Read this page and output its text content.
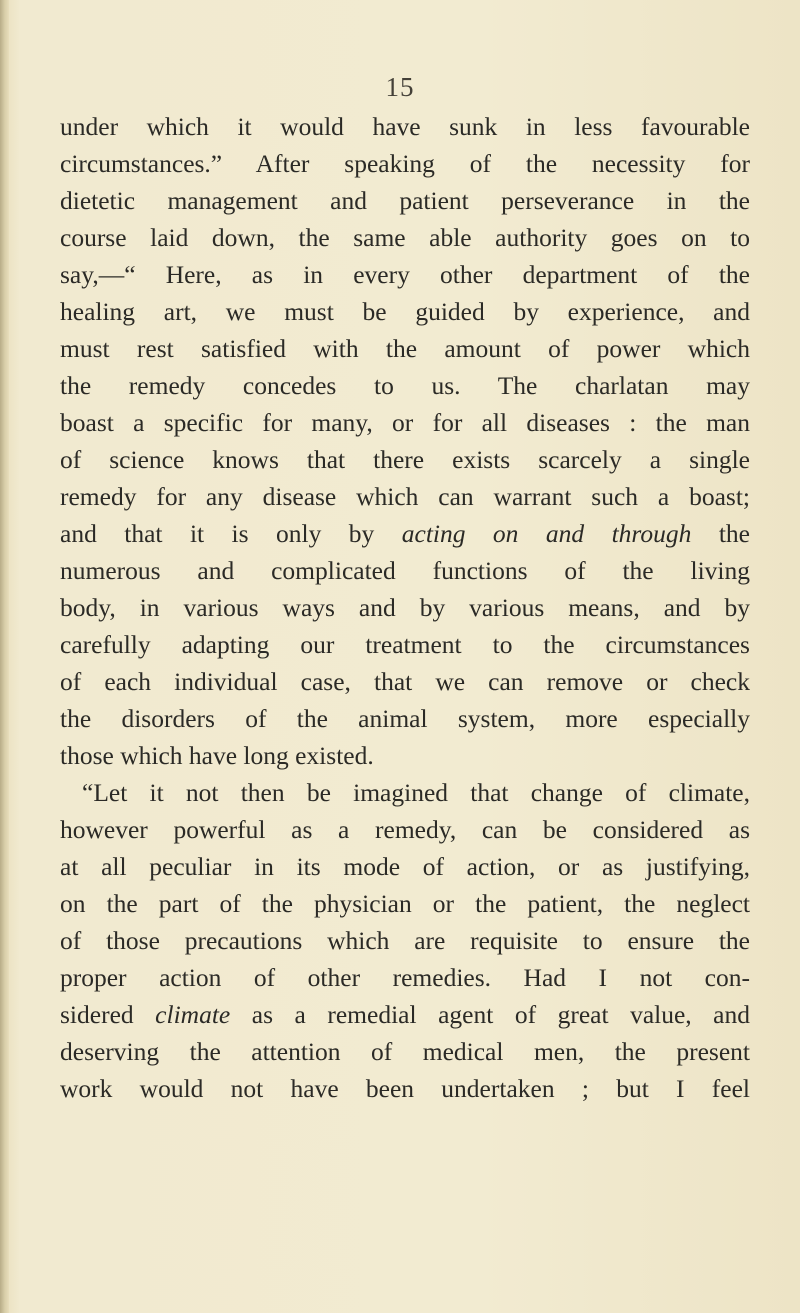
15
under which it would have sunk in less favourable
circumstances.” After speaking of the necessity for
dietetic management and patient perseverance in the
course laid down, the same able authority goes on to
say,—“ Here, as in every other department of the
healing art, we must be guided by experience, and
must rest satisfied with the amount of power which
the remedy concedes to us. The charlatan may
boast a specific for many, or for all diseases : the man
of science knows that there exists scarcely a single
remedy for any disease which can warrant such a boast;
and that it is only by acting on and through the
numerous and complicated functions of the living
body, in various ways and by various means, and by
carefully adapting our treatment to the circumstances
of each individual case, that we can remove or check
the disorders of the animal system, more especially
those which have long existed.
“Let it not then be imagined that change of climate,
however powerful as a remedy, can be considered as
at all peculiar in its mode of action, or as justifying,
on the part of the physician or the patient, the neglect
of those precautions which are requisite to ensure the
proper action of other remedies. Had I not con-
sidered climate as a remedial agent of great value, and
deserving the attention of medical men, the present
work would not have been undertaken ; but I feel
